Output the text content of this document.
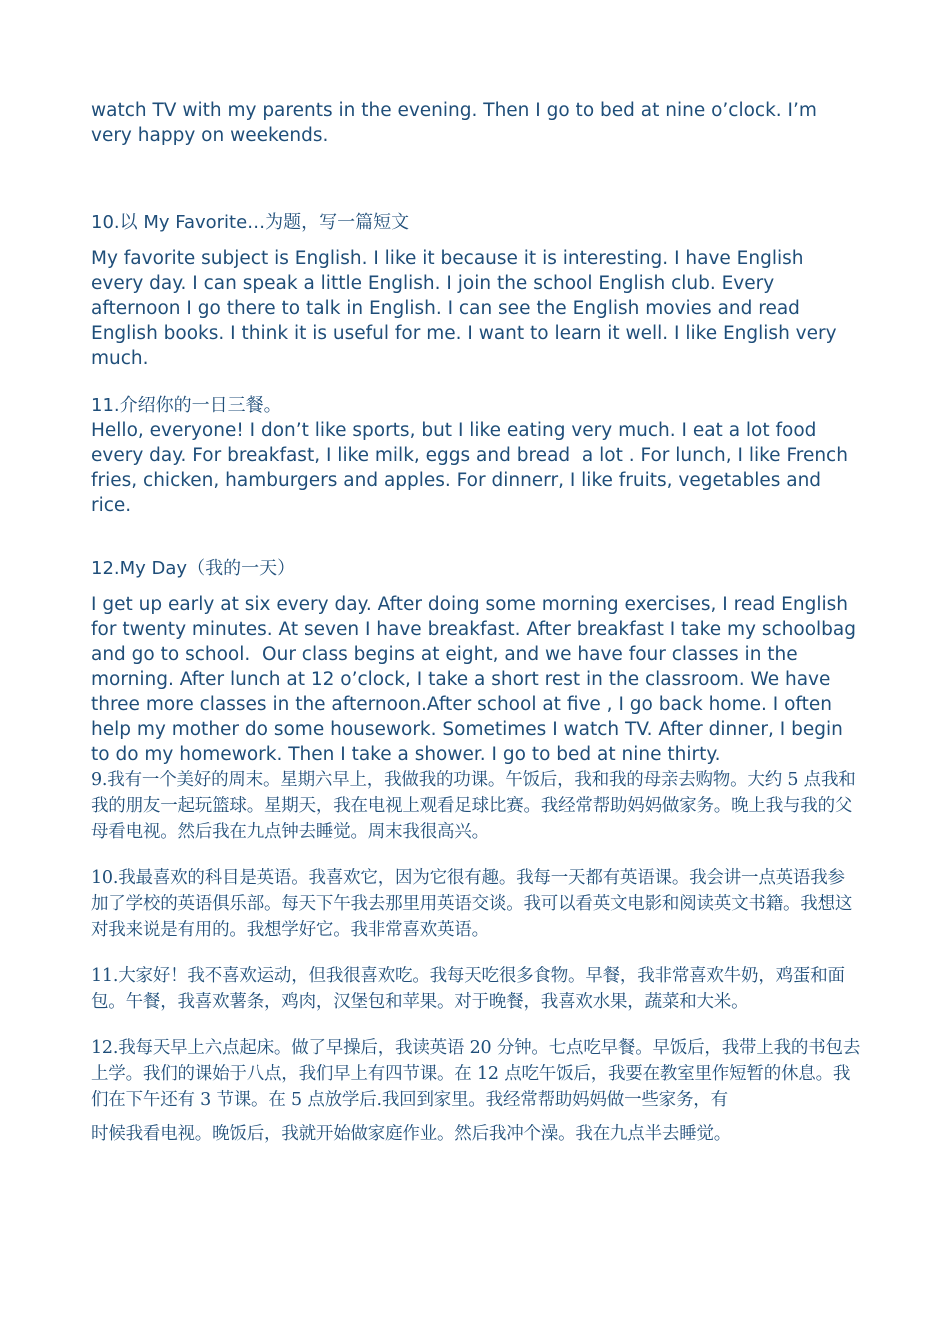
watch TV with my parents in the evening. Then I go to bed at nine o’clock. I’m very happy on weekends.

10.以 My Favorite…为题，写一篇短文

My favorite subject is English. I like it because it is interesting. I have English every day. I can speak a little English. I join the school English club. Every afternoon I go there to talk in English. I can see the English movies and read English books. I think it is useful for me. I want to learn it well. I like English very much.

11.介绍你的一日三餐。

Hello, everyone! I don’t like sports, but I like eating very much. I eat a lot food every day. For breakfast, I like milk, eggs and bread  a lot . For lunch, I like French fries, chicken, hamburgers and apples. For dinnerr, I like fruits, vegetables and rice.

12.My Day（我的一天）

I get up early at six every day. After doing some morning exercises, I read English for twenty minutes. At seven I have breakfast. After breakfast I take my schoolbag and go to school.  Our class begins at eight, and we have four classes in the morning. After lunch at 12 o’clock, I take a short rest in the classroom. We have three more classes in the afternoon.After school at five , I go back home. I often help my mother do some housework. Sometimes I watch TV. After dinner, I begin to do my homework. Then I take a shower. I go to bed at nine thirty.

9.我有一个美好的周末。星期六早上，我做我的功课。午饭后，我和我的母亲去购物。大约 5 点我和我的朋友一起玩篮球。星期天，我在电视上观看足球比赛。我经常帮助妈妈做家务。晚上我与我的父母看电视。然后我在九点钟去睡觉。周末我很高兴。

10.我最喜欢的科目是英语。我喜欢它，因为它很有趣。我每一天都有英语课。我会讲一点英语我参加了学校的英语俱乐部。每天下午我去那里用英语交谈。我可以看英文电影和阅读英文书籍。我想这对我来说是有用的。我想学好它。我非常喜欢英语。

11.大家好！我不喜欢运动，但我很喜欢吃。我每天吃很多食物。早餐，我非常喜欢牛奶，鸡蛋和面包。午餐，我喜欢薯条，鸡肉，汉堡包和苹果。对于晚餐，我喜欢水果，蔬菜和大米。

12.我每天早上六点起床。做了早操后，我读英语 20 分钟。七点吃早餐。早饭后，我带上我的书包去上学。我们的课始于八点，我们早上有四节课。在 12 点吃午饭后，我要在教室里作短暂的休息。我们在下午还有 3 节课。在 5 点放学后.我回到家里。我经常帮助妈妈做一些家务，有

时候我看电视。晚饭后，我就开始做家庭作业。然后我冲个澡。我在九点半去睡觉。
